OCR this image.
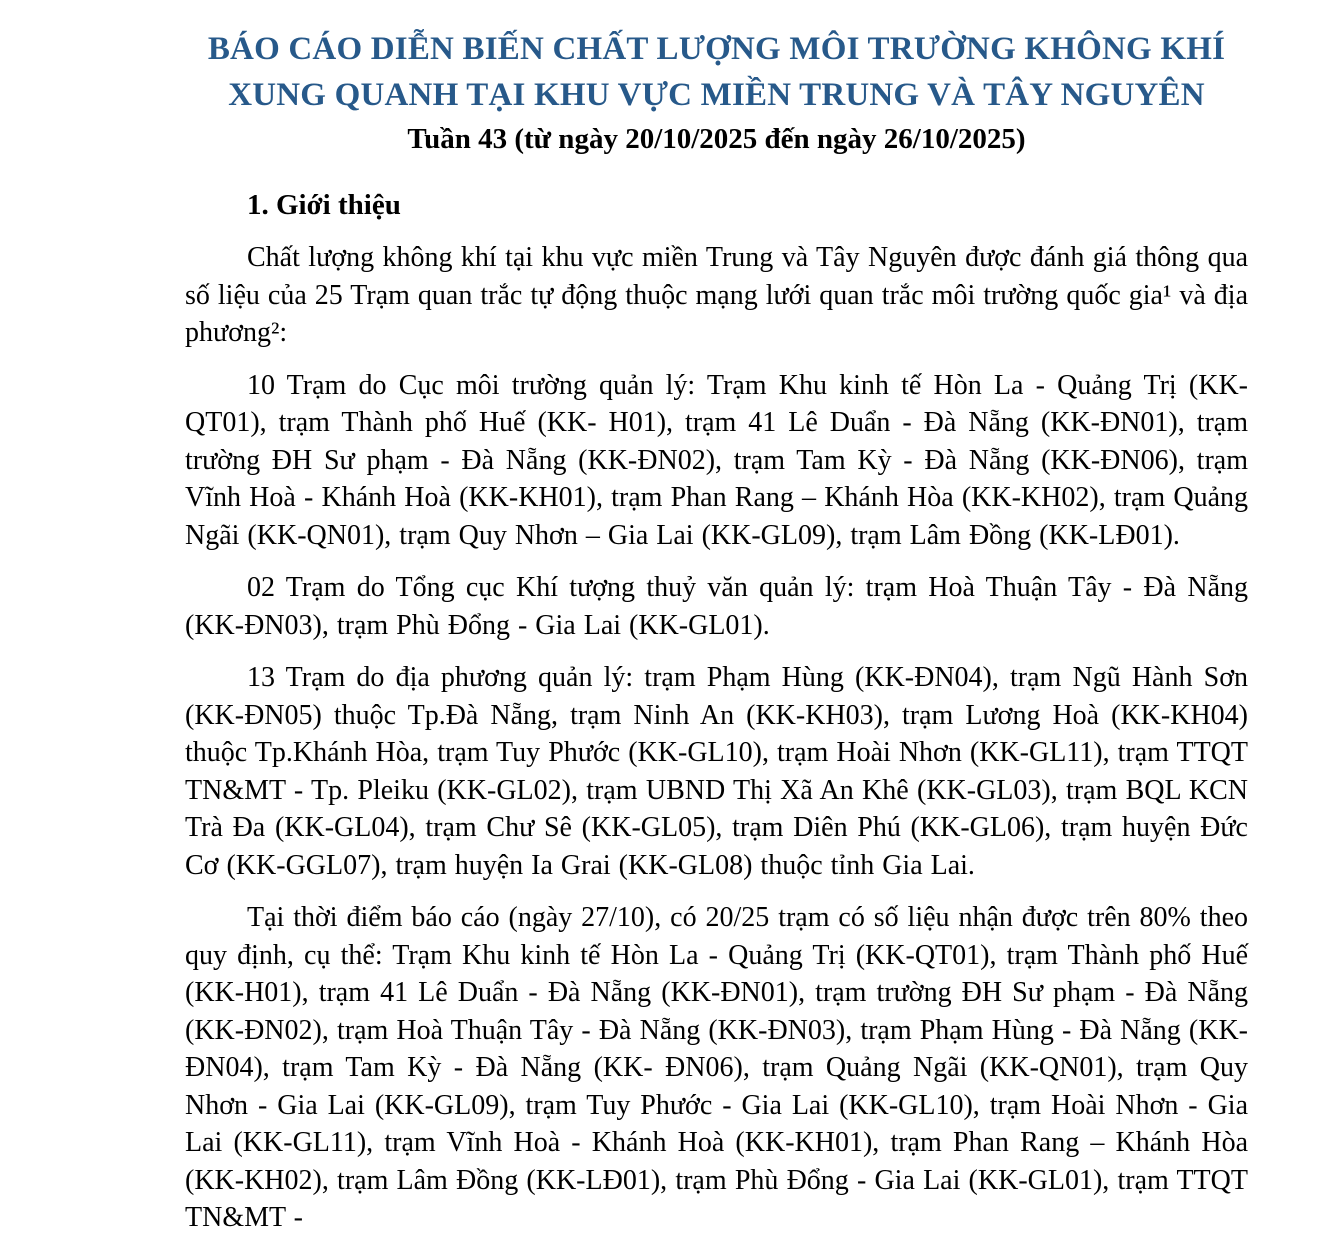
BÁO CÁO DIỄN BIẾN CHẤT LƯỢNG MÔI TRƯỜNG KHÔNG KHÍ
XUNG QUANH TẠI KHU VỰC MIỀN TRUNG VÀ TÂY NGUYÊN

Tuần 43 (từ ngày 20/10/2025 đến ngày 26/10/2025)

1. Giới thiệu

Chất lượng không khí tại khu vực miền Trung và Tây Nguyên được đánh giá thông qua số liệu của 25 Trạm quan trắc tự động thuộc mạng lưới quan trắc môi trường quốc gia¹ và địa phương²:

10 Trạm do Cục môi trường quản lý: Trạm Khu kinh tế Hòn La - Quảng Trị (KK-QT01), trạm Thành phố Huế (KK- H01), trạm 41 Lê Duẩn - Đà Nẵng (KK-ĐN01), trạm trường ĐH Sư phạm - Đà Nẵng (KK-ĐN02), trạm Tam Kỳ - Đà Nẵng (KK-ĐN06), trạm Vĩnh Hoà - Khánh Hoà (KK-KH01), trạm Phan Rang – Khánh Hòa (KK-KH02), trạm Quảng Ngãi (KK-QN01), trạm Quy Nhơn – Gia Lai (KK-GL09), trạm Lâm Đồng (KK-LĐ01).

02 Trạm do Tổng cục Khí tượng thuỷ văn quản lý: trạm Hoà Thuận Tây - Đà Nẵng (KK-ĐN03), trạm Phù Đổng - Gia Lai (KK-GL01).

13 Trạm do địa phương quản lý: trạm Phạm Hùng (KK-ĐN04), trạm Ngũ Hành Sơn (KK-ĐN05) thuộc Tp.Đà Nẵng, trạm Ninh An (KK-KH03), trạm Lương Hoà (KK-KH04) thuộc Tp.Khánh Hòa, trạm Tuy Phước (KK-GL10), trạm Hoài Nhơn (KK-GL11), trạm TTQT TN&MT - Tp. Pleiku (KK-GL02), trạm UBND Thị Xã An Khê (KK-GL03), trạm BQL KCN Trà Đa (KK-GL04), trạm Chư Sê (KK-GL05), trạm Diên Phú (KK-GL06), trạm huyện Đức Cơ (KK-GGL07), trạm huyện Ia Grai (KK-GL08) thuộc tỉnh Gia Lai.

Tại thời điểm báo cáo (ngày 27/10), có 20/25 trạm có số liệu nhận được trên 80% theo quy định, cụ thể: Trạm Khu kinh tế Hòn La - Quảng Trị (KK-QT01), trạm Thành phố Huế (KK-H01), trạm 41 Lê Duẩn - Đà Nẵng (KK-ĐN01), trạm trường ĐH Sư phạm - Đà Nẵng (KK-ĐN02), trạm Hoà Thuận Tây - Đà Nẵng (KK-ĐN03), trạm Phạm Hùng - Đà Nẵng (KK-ĐN04), trạm Tam Kỳ - Đà Nẵng (KK- ĐN06), trạm Quảng Ngãi (KK-QN01), trạm Quy Nhơn - Gia Lai (KK-GL09), trạm Tuy Phước - Gia Lai (KK-GL10), trạm Hoài Nhơn - Gia Lai (KK-GL11), trạm Vĩnh Hoà - Khánh Hoà (KK-KH01), trạm Phan Rang – Khánh Hòa (KK-KH02), trạm Lâm Đồng (KK-LĐ01), trạm Phù Đổng - Gia Lai (KK-GL01), trạm TTQT TN&MT -
